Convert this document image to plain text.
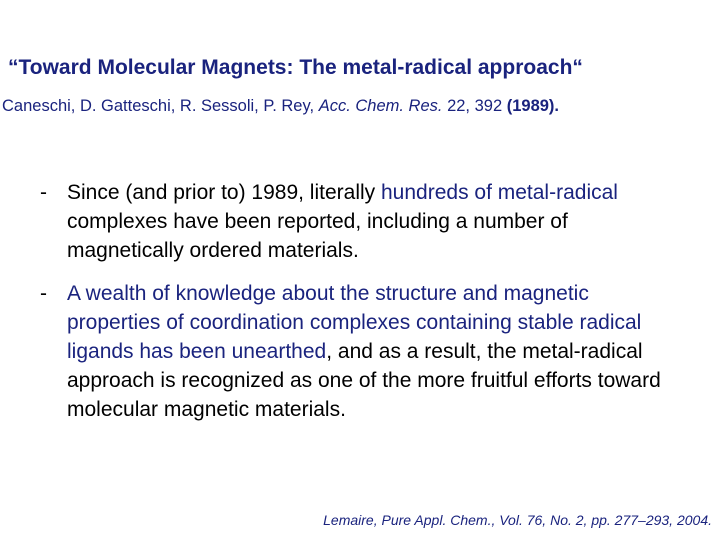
“Toward Molecular Magnets: The metal-radical approach“
Caneschi, D. Gatteschi, R. Sessoli, P. Rey, Acc. Chem. Res. 22, 392 (1989).
- Since (and prior to) 1989, literally hundreds of metal-radical complexes have been reported, including a number of magnetically ordered materials.
- A wealth of knowledge about the structure and magnetic properties of coordination complexes containing stable radical ligands has been unearthed, and as a result, the metal-radical approach is recognized as one of the more fruitful efforts toward molecular magnetic materials.
Lemaire, Pure Appl. Chem., Vol. 76, No. 2, pp. 277–293, 2004.
